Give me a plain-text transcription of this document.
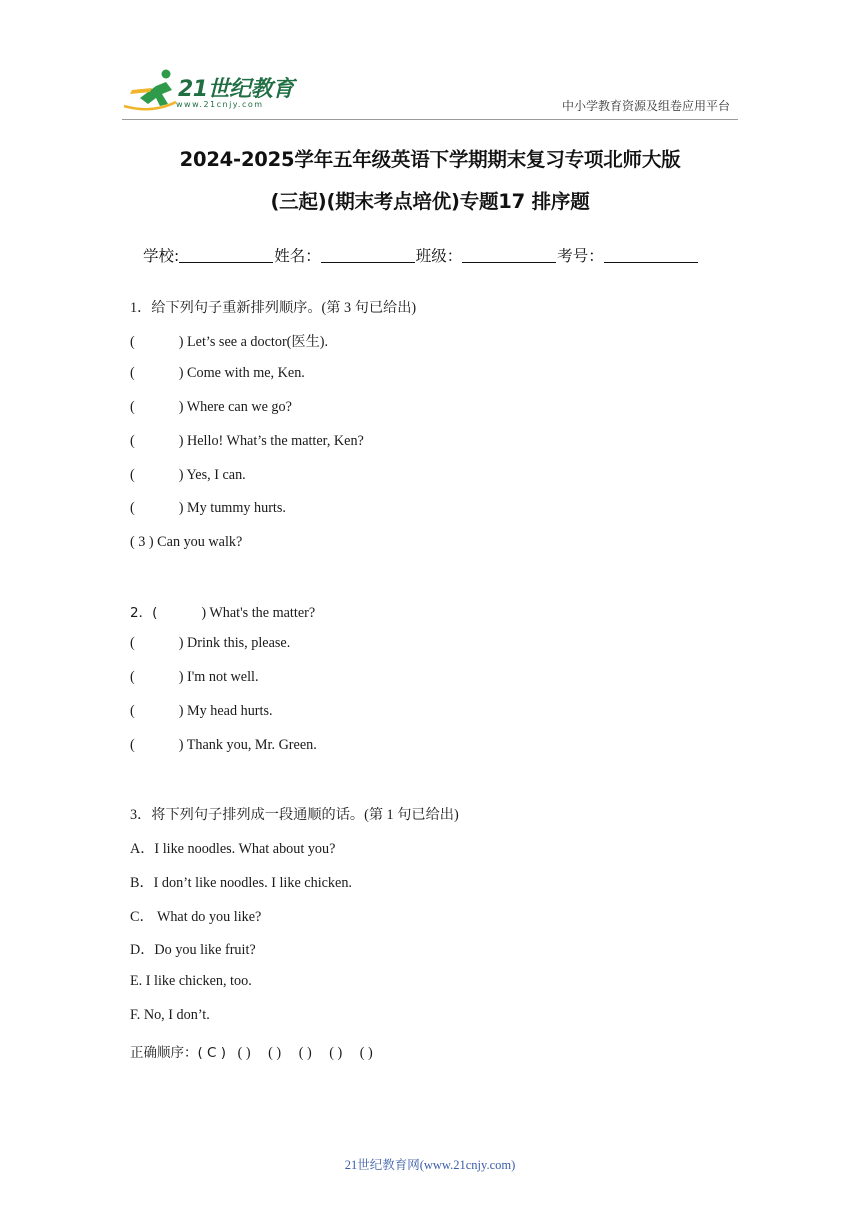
21世纪教育
www.21cnjy.com	中小学教育资源及组卷应用平台
2024-2025学年五年级英语下学期期末复习专项北师大版
(三起)(期末考点培优)专题17 排序题
学校:	姓名：	班级：	考号：
1．给下列句子重新排列顺序。(第 3 句已给出)
(	) Let’s see a doctor(医生).
(	) Come with me, Ken.
(	) Where can we go?
(	) Hello! What’s the matter, Ken?
(	) Yes, I can.
(	) My tummy hurts.
( 3 ) Can you walk?
2．(	) What's the matter?
(	) Drink this, please.
(	) I'm not well.
(	) My head hurts.
(	) Thank you, Mr. Green.
3．将下列句子排列成一段通顺的话。(第 1 句已给出)
A．I like noodles. What about you?
B．I don’t like noodles. I like chicken.
C． What do you like?
D．Do you like fruit?
E. I like chicken, too.
F. No, I don’t.
正确顺序：( C ) ( ) ( ) ( ) ( ) ( )
21世纪教育网(www.21cnjy.com)
